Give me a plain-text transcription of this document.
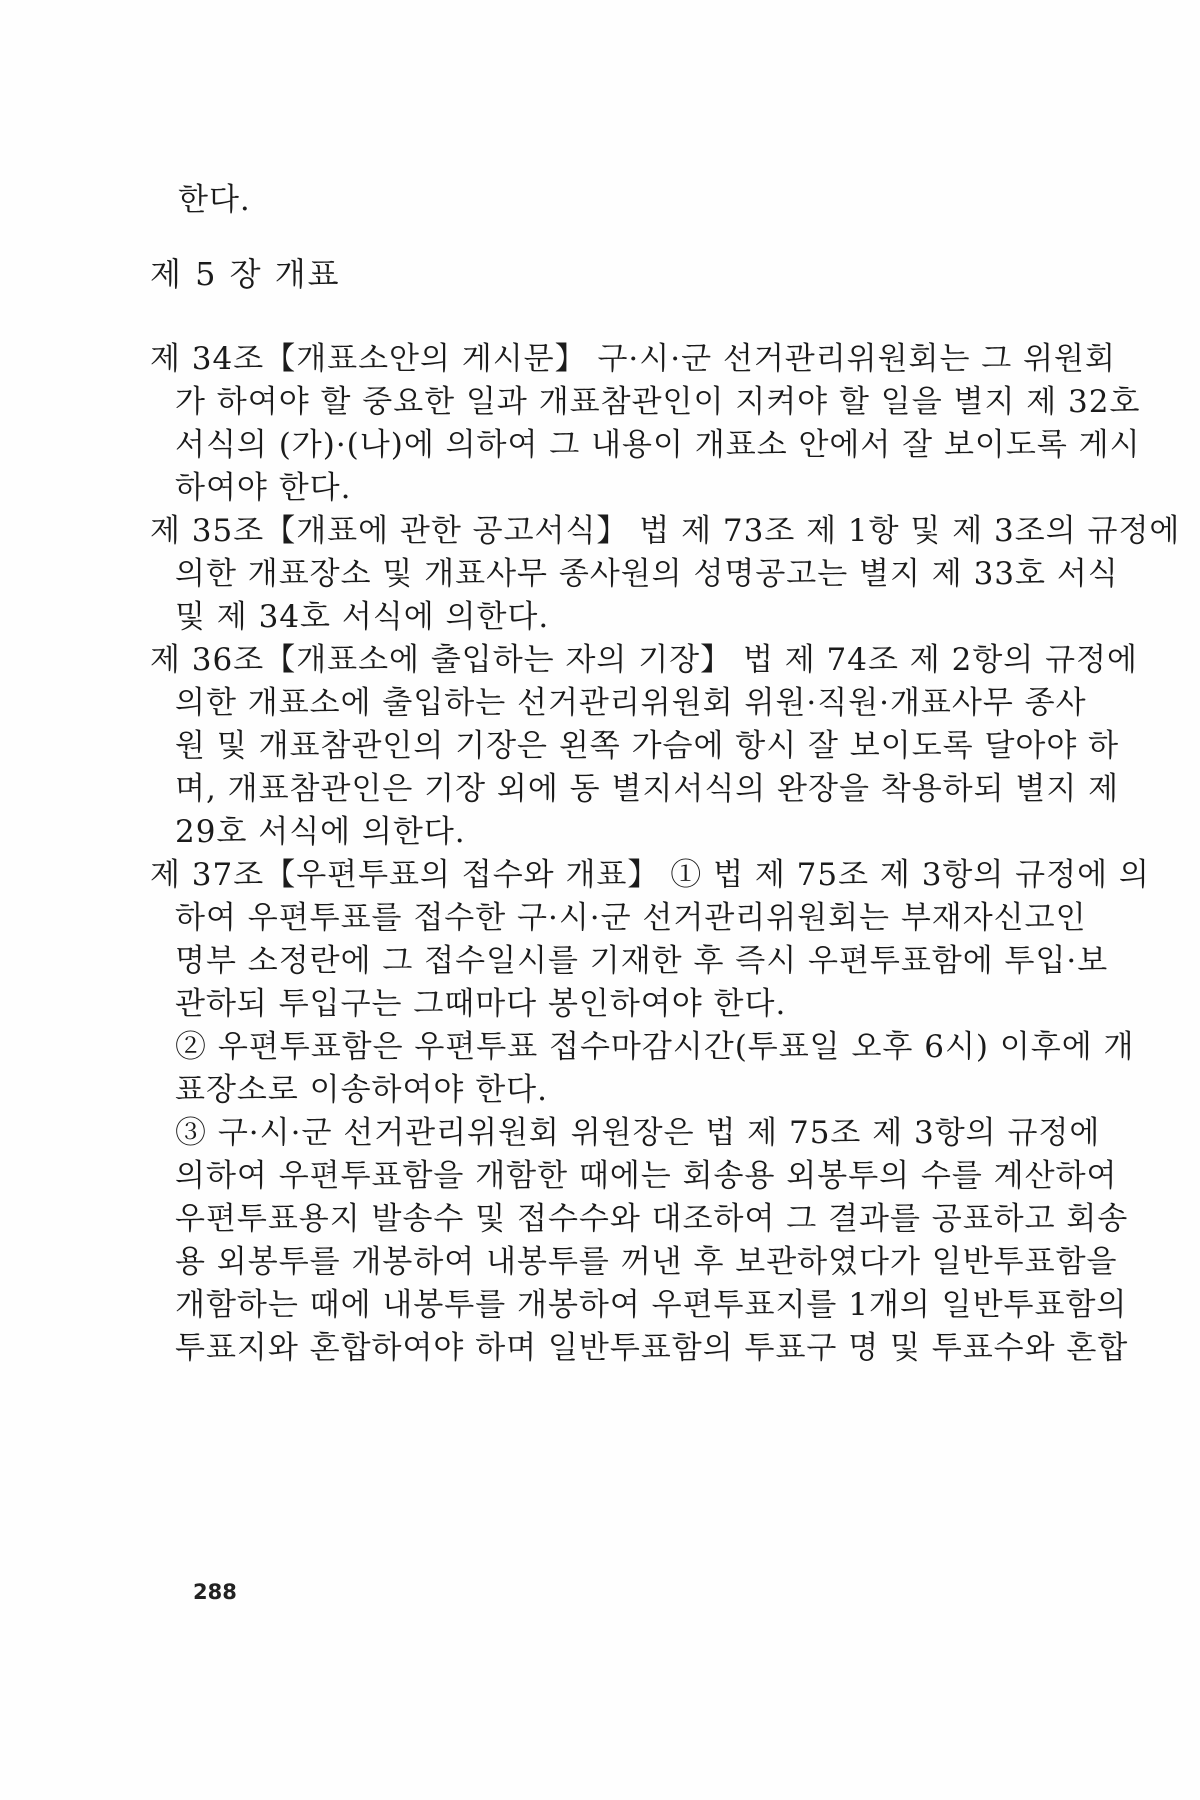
한다.
제 5 장 개표
제 34조【개표소안의 게시문】 구·시·군 선거관리위원회는 그 위원회
가 하여야 할 중요한 일과 개표참관인이 지켜야 할 일을 별지 제 32호
서식의 (가)·(나)에 의하여 그 내용이 개표소 안에서 잘 보이도록 게시
하여야 한다.
제 35조【개표에 관한 공고서식】 법 제 73조 제 1항 및 제 3조의 규정에
의한 개표장소 및 개표사무 종사원의 성명공고는 별지 제 33호 서식
및 제 34호 서식에 의한다.
제 36조【개표소에 출입하는 자의 기장】 법 제 74조 제 2항의 규정에
의한 개표소에 출입하는 선거관리위원회 위원·직원·개표사무 종사
원 및 개표참관인의 기장은 왼쪽 가슴에 항시 잘 보이도록 달아야 하
며, 개표참관인은 기장 외에 동 별지서식의 완장을 착용하되 별지 제
29호 서식에 의한다.
제 37조【우편투표의 접수와 개표】 ① 법 제 75조 제 3항의 규정에 의
하여 우편투표를 접수한 구·시·군 선거관리위원회는 부재자신고인
명부 소정란에 그 접수일시를 기재한 후 즉시 우편투표함에 투입·보
관하되 투입구는 그때마다 봉인하여야 한다.
② 우편투표함은 우편투표 접수마감시간(투표일 오후 6시) 이후에 개
표장소로 이송하여야 한다.
③ 구·시·군 선거관리위원회 위원장은 법 제 75조 제 3항의 규정에
의하여 우편투표함을 개함한 때에는 회송용 외봉투의 수를 계산하여
우편투표용지 발송수 및 접수수와 대조하여 그 결과를 공표하고 회송
용 외봉투를 개봉하여 내봉투를 꺼낸 후 보관하였다가 일반투표함을
개함하는 때에 내봉투를 개봉하여 우편투표지를 1개의 일반투표함의
투표지와 혼합하여야 하며 일반투표함의 투표구 명 및 투표수와 혼합
288
